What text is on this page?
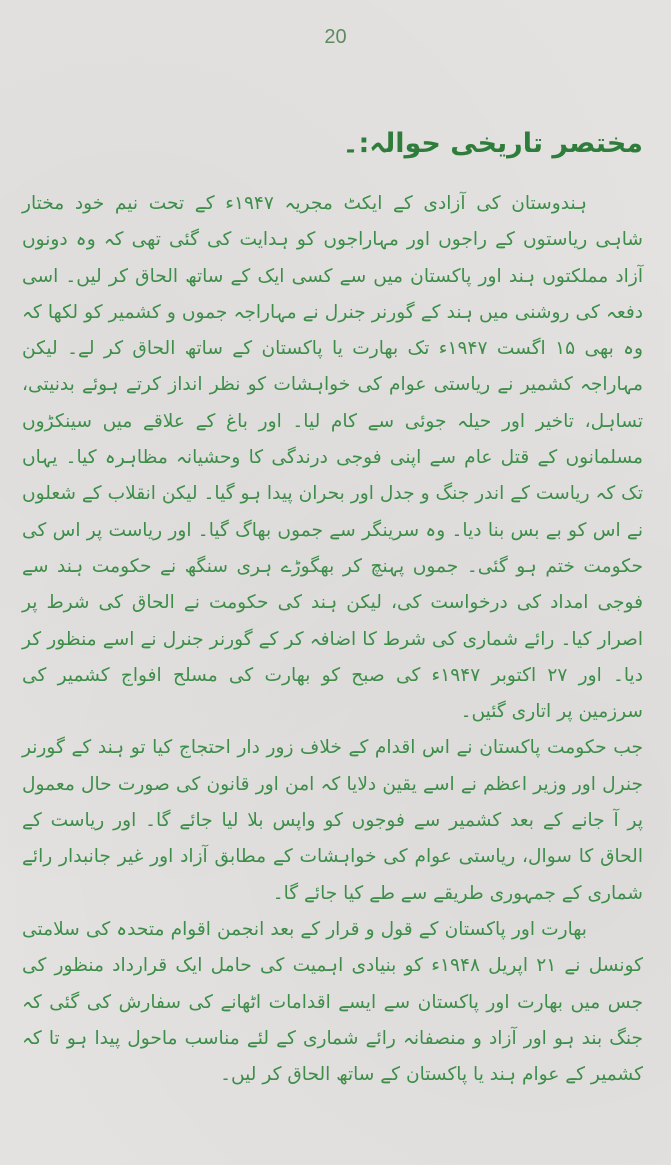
20
مختصر تاریخی حوالہ:۔

ہندوستان کی آزادی کے ایکٹ مجریہ ۱۹۴۷ء کے تحت نیم خود مختار شاہی ریاستوں کے راجوں اور مہاراجوں کو ہدایت کی گئی تھی کہ وہ دونوں آزاد مملکتوں ہند اور پاکستان میں سے کسی ایک کے ساتھ الحاق کر لیں۔ اسی دفعہ کی روشنی میں ہند کے گورنر جنرل نے مہاراجہ جموں و کشمیر کو لکھا کہ وہ بھی ۱۵ اگست ۱۹۴۷ء تک بھارت یا پاکستان کے ساتھ الحاق کر لے۔ لیکن مہاراجہ کشمیر نے ریاستی عوام کی خواہشات کو نظر انداز کرتے ہوئے بدنیتی، تساہل، تاخیر اور حیلہ جوئی سے کام لیا۔ اور باغ کے علاقے میں سینکڑوں مسلمانوں کے قتل عام سے اپنی فوجی درندگی کا وحشیانہ مظاہرہ کیا۔ یہاں تک کہ ریاست کے اندر جنگ و جدل اور بحران پیدا ہو گیا۔ لیکن انقلاب کے شعلوں نے اس کو بے بس بنا دیا۔ وہ سرینگر سے جموں بھاگ گیا۔ اور ریاست پر اس کی حکومت ختم ہو گئی۔ جموں پہنچ کر بھگوڑے ہری سنگھ نے حکومت ہند سے فوجی امداد کی درخواست کی، لیکن ہند کی حکومت نے الحاق کی شرط پر اصرار کیا۔ رائے شماری کی شرط کا اضافہ کر کے گورنر جنرل نے اسے منظور کر دیا۔ اور ۲۷ اکتوبر ۱۹۴۷ء کی صبح کو بھارت کی مسلح افواج کشمیر کی سرزمین پر اتاری گئیں۔

جب حکومت پاکستان نے اس اقدام کے خلاف زور دار احتجاج کیا تو ہند کے گورنر جنرل اور وزیر اعظم نے اسے یقین دلایا کہ امن اور قانون کی صورت حال معمول پر آ جانے کے بعد کشمیر سے فوجوں کو واپس بلا لیا جائے گا۔ اور ریاست کے الحاق کا سوال، ریاستی عوام کی خواہشات کے مطابق آزاد اور غیر جانبدار رائے شماری کے جمہوری طریقے سے طے کیا جائے گا۔

بھارت اور پاکستان کے قول و قرار کے بعد انجمن اقوام متحدہ کی سلامتی کونسل نے ۲۱ اپریل ۱۹۴۸ء کو بنیادی اہمیت کی حامل ایک قرارداد منظور کی جس میں بھارت اور پاکستان سے ایسے اقدامات اٹھانے کی سفارش کی گئی کہ جنگ بند ہو اور آزاد و منصفانہ رائے شماری کے لئے مناسب ماحول پیدا ہو تا کہ کشمیر کے عوام ہند یا پاکستان کے ساتھ الحاق کر لیں۔
